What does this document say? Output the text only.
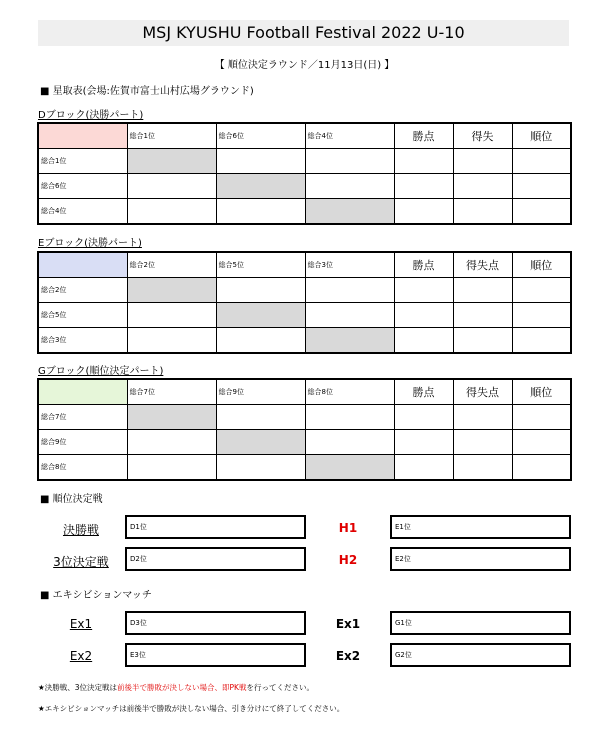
MSJ KYUSHU Football Festival 2022 U-10
【 順位決定ラウンド／11月13日(日) 】
■ 星取表(会場:佐賀市富士山村広場グラウンド)
Dブロック(決勝パート)
	総合1位	総合6位	総合4位	勝点	得失	順位
総合1位						
総合6位						
総合4位						
Eブロック(決勝パート)
	総合2位	総合5位	総合3位	勝点	得失点	順位
総合2位						
総合5位						
総合3位						
Gブロック(順位決定パート)
	総合7位	総合9位	総合8位	勝点	得失点	順位
総合7位						
総合9位						
総合8位						
■ 順位決定戦
決勝戦	D1位	H1	E1位
3位決定戦	D2位	H2	E2位
■ エキシビションマッチ
Ex1	D3位	Ex1	G1位
Ex2	E3位	Ex2	G2位
★決勝戦、3位決定戦は前後半で勝敗が決しない場合、即PK戦を行ってください。
★エキシビションマッチは前後半で勝敗が決しない場合、引き分けにて終了してください。
